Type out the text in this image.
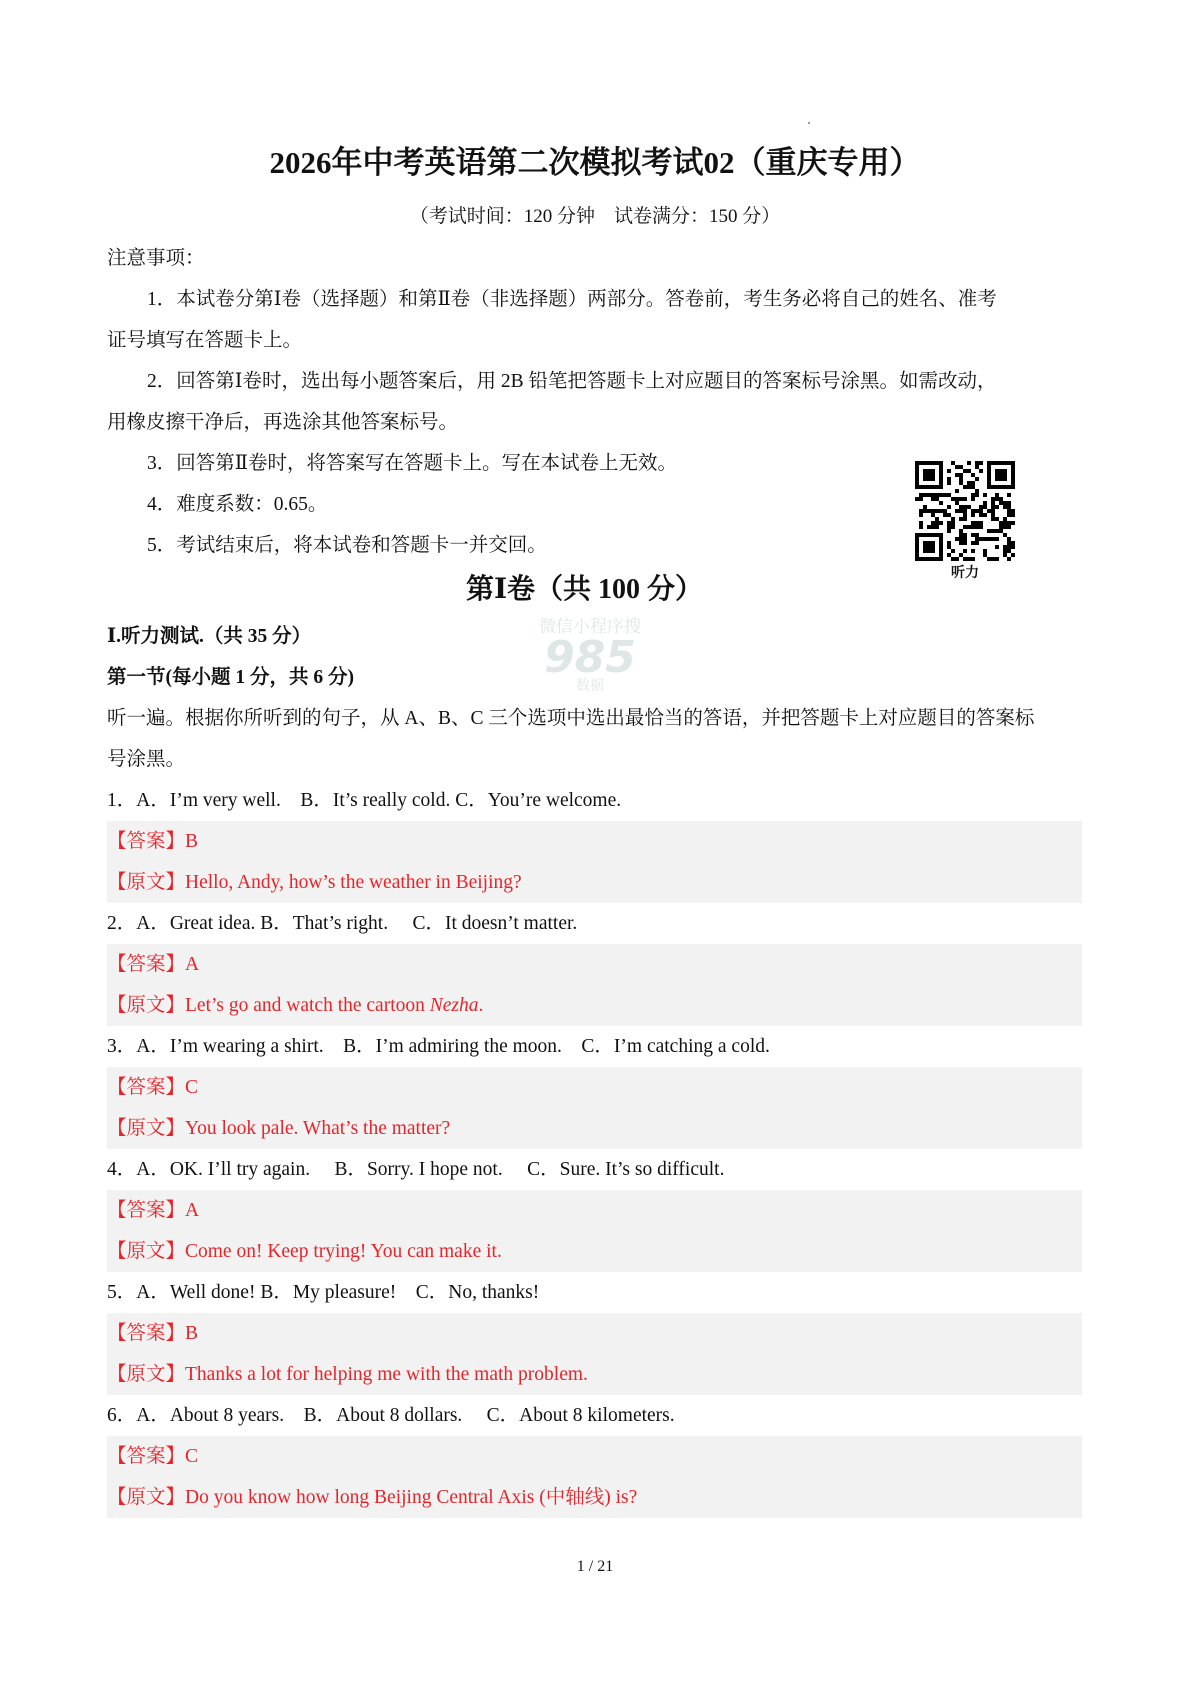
2026年中考英语第二次模拟考试02（重庆专用）
（考试时间：120 分钟　试卷满分：150 分）
注意事项：
1．本试卷分第Ⅰ卷（选择题）和第Ⅱ卷（非选择题）两部分。答卷前，考生务必将自己的姓名、准考
证号填写在答题卡上。
2．回答第Ⅰ卷时，选出每小题答案后，用 2B 铅笔把答题卡上对应题目的答案标号涂黑。如需改动，
用橡皮擦干净后，再选涂其他答案标号。
3．回答第Ⅱ卷时，将答案写在答题卡上。写在本试卷上无效。
4．难度系数：0.65。
5．考试结束后，将本试卷和答题卡一并交回。
第Ⅰ卷（共 100 分）
Ⅰ.听力测试.（共 35 分）
第一节(每小题 1 分，共 6 分)
听一遍。根据你所听到的句子，从 A、B、C 三个选项中选出最恰当的答语，并把答题卡上对应题目的答案标
号涂黑。
1．A．I’m very well.　B．It’s really cold. C．You’re welcome.
【答案】B
【原文】Hello, Andy, how’s the weather in Beijing?
2．A．Great idea. B．That’s right.　 C．It doesn’t matter.
【答案】A
【原文】Let’s go and watch the cartoon Nezha.
3．A．I’m wearing a shirt.　B．I’m admiring the moon.　C．I’m catching a cold.
【答案】C
【原文】You look pale. What’s the matter?
4．A．OK. I’ll try again.　 B．Sorry. I hope not.　 C．Sure. It’s so difficult.
【答案】A
【原文】Come on! Keep trying! You can make it.
5．A．Well done! B．My pleasure!　C．No, thanks!
【答案】B
【原文】Thanks a lot for helping me with the math problem.
6．A．About 8 years.　B．About 8 dollars.　 C．About 8 kilometers.
【答案】C
【原文】Do you know how long Beijing Central Axis (中轴线) is?
听力
微信小程序搜
985
数据
1 / 21
